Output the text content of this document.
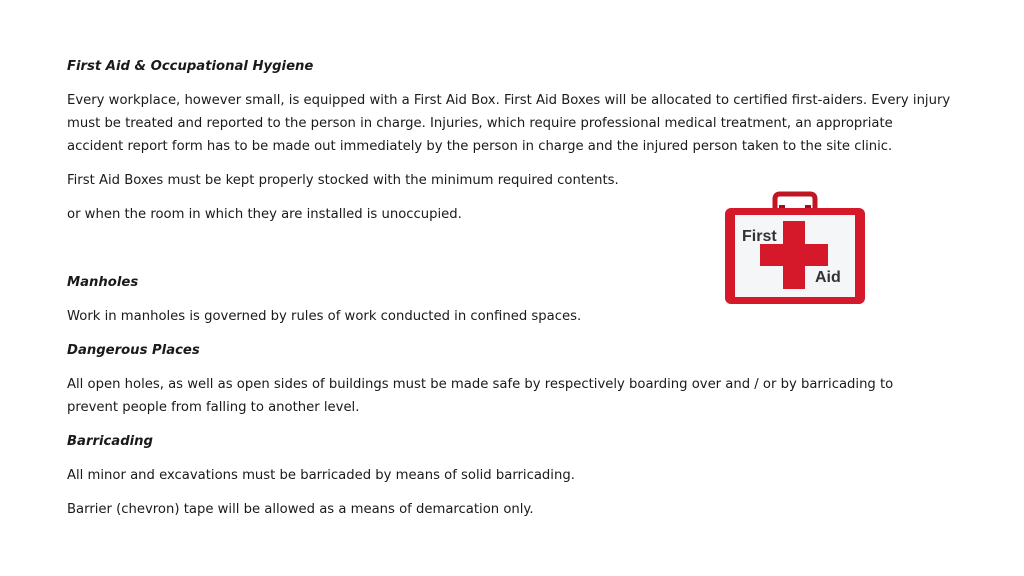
First Aid & Occupational Hygiene

Every workplace, however small, is equipped with a First Aid Box. First Aid Boxes will be allocated to certified first-aiders. Every injury

must be treated and reported to the person in charge. Injuries, which require professional medical treatment, an appropriate

accident report form has to be made out immediately by the person in charge and the injured person taken to the site clinic.

First Aid Boxes must be kept properly stocked with the minimum required contents.

or when the room in which they are installed is unoccupied.

Manholes

Work in manholes is governed by rules of work conducted in confined spaces.

Dangerous Places

All open holes, as well as open sides of buildings must be made safe by respectively boarding over and / or by barricading to

prevent people from falling to another level.

Barricading

All minor and excavations must be barricaded by means of solid barricading.

Barrier (chevron) tape will be allowed as a means of demarcation only.

First
Aid
